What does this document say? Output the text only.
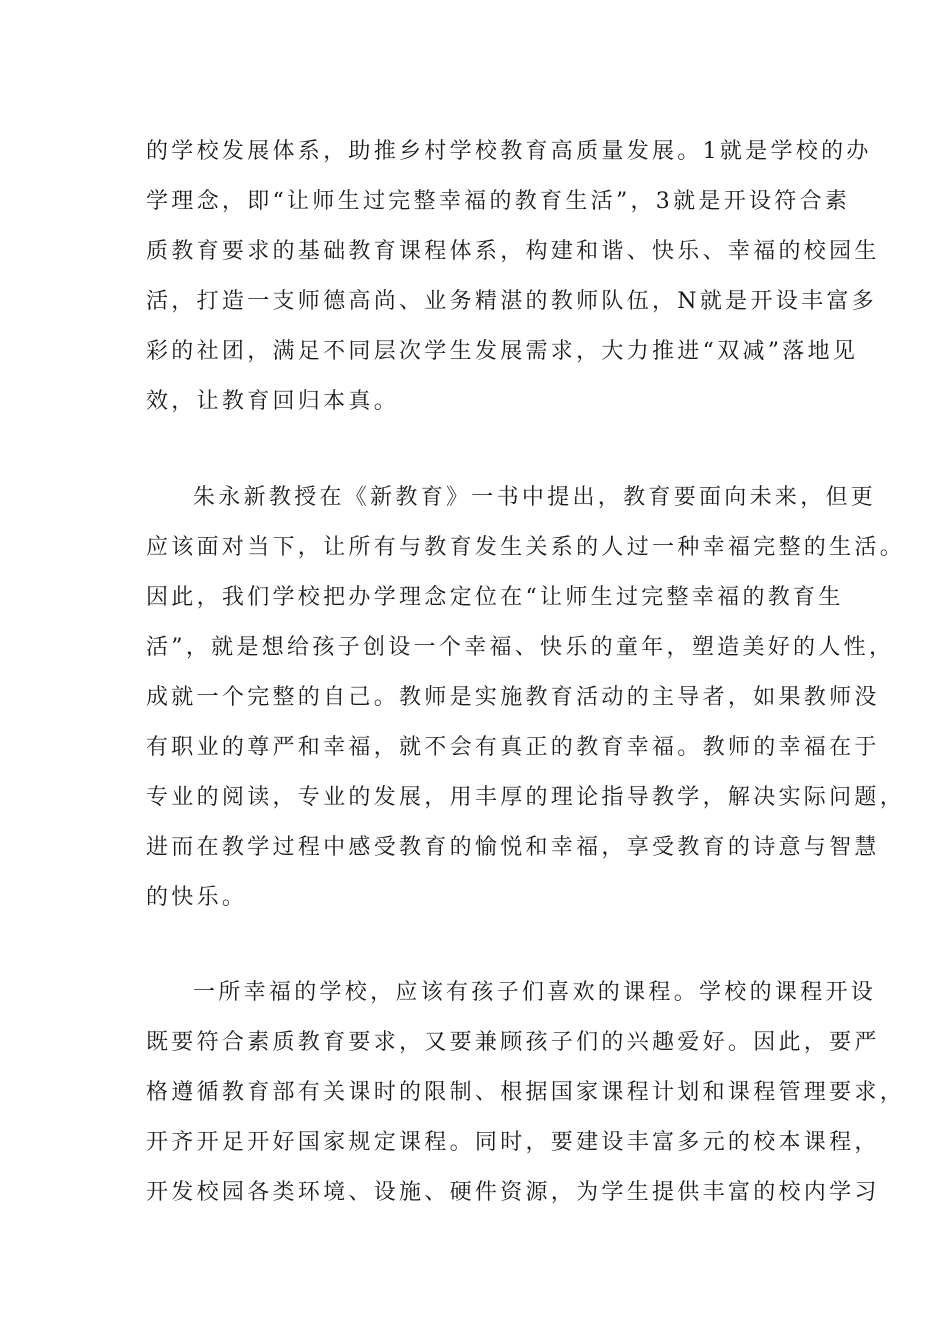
的学校发展体系，助推乡村学校教育高质量发展。1就是学校的办
学理念，即“让师生过完整幸福的教育生活”，3就是开设符合素
质教育要求的基础教育课程体系，构建和谐、快乐、幸福的校园生
活，打造一支师德高尚、业务精湛的教师队伍，N就是开设丰富多
彩的社团，满足不同层次学生发展需求，大力推进“双减”落地见
效，让教育回归本真。
朱永新教授在《新教育》一书中提出，教育要面向未来，但更
应该面对当下，让所有与教育发生关系的人过一种幸福完整的生活。
因此，我们学校把办学理念定位在“让师生过完整幸福的教育生
活”，就是想给孩子创设一个幸福、快乐的童年，塑造美好的人性，
成就一个完整的自己。教师是实施教育活动的主导者，如果教师没
有职业的尊严和幸福，就不会有真正的教育幸福。教师的幸福在于
专业的阅读，专业的发展，用丰厚的理论指导教学，解决实际问题，
进而在教学过程中感受教育的愉悦和幸福，享受教育的诗意与智慧
的快乐。
一所幸福的学校，应该有孩子们喜欢的课程。学校的课程开设
既要符合素质教育要求，又要兼顾孩子们的兴趣爱好。因此，要严
格遵循教育部有关课时的限制、根据国家课程计划和课程管理要求，
开齐开足开好国家规定课程。同时，要建设丰富多元的校本课程，
开发校园各类环境、设施、硬件资源，为学生提供丰富的校内学习
